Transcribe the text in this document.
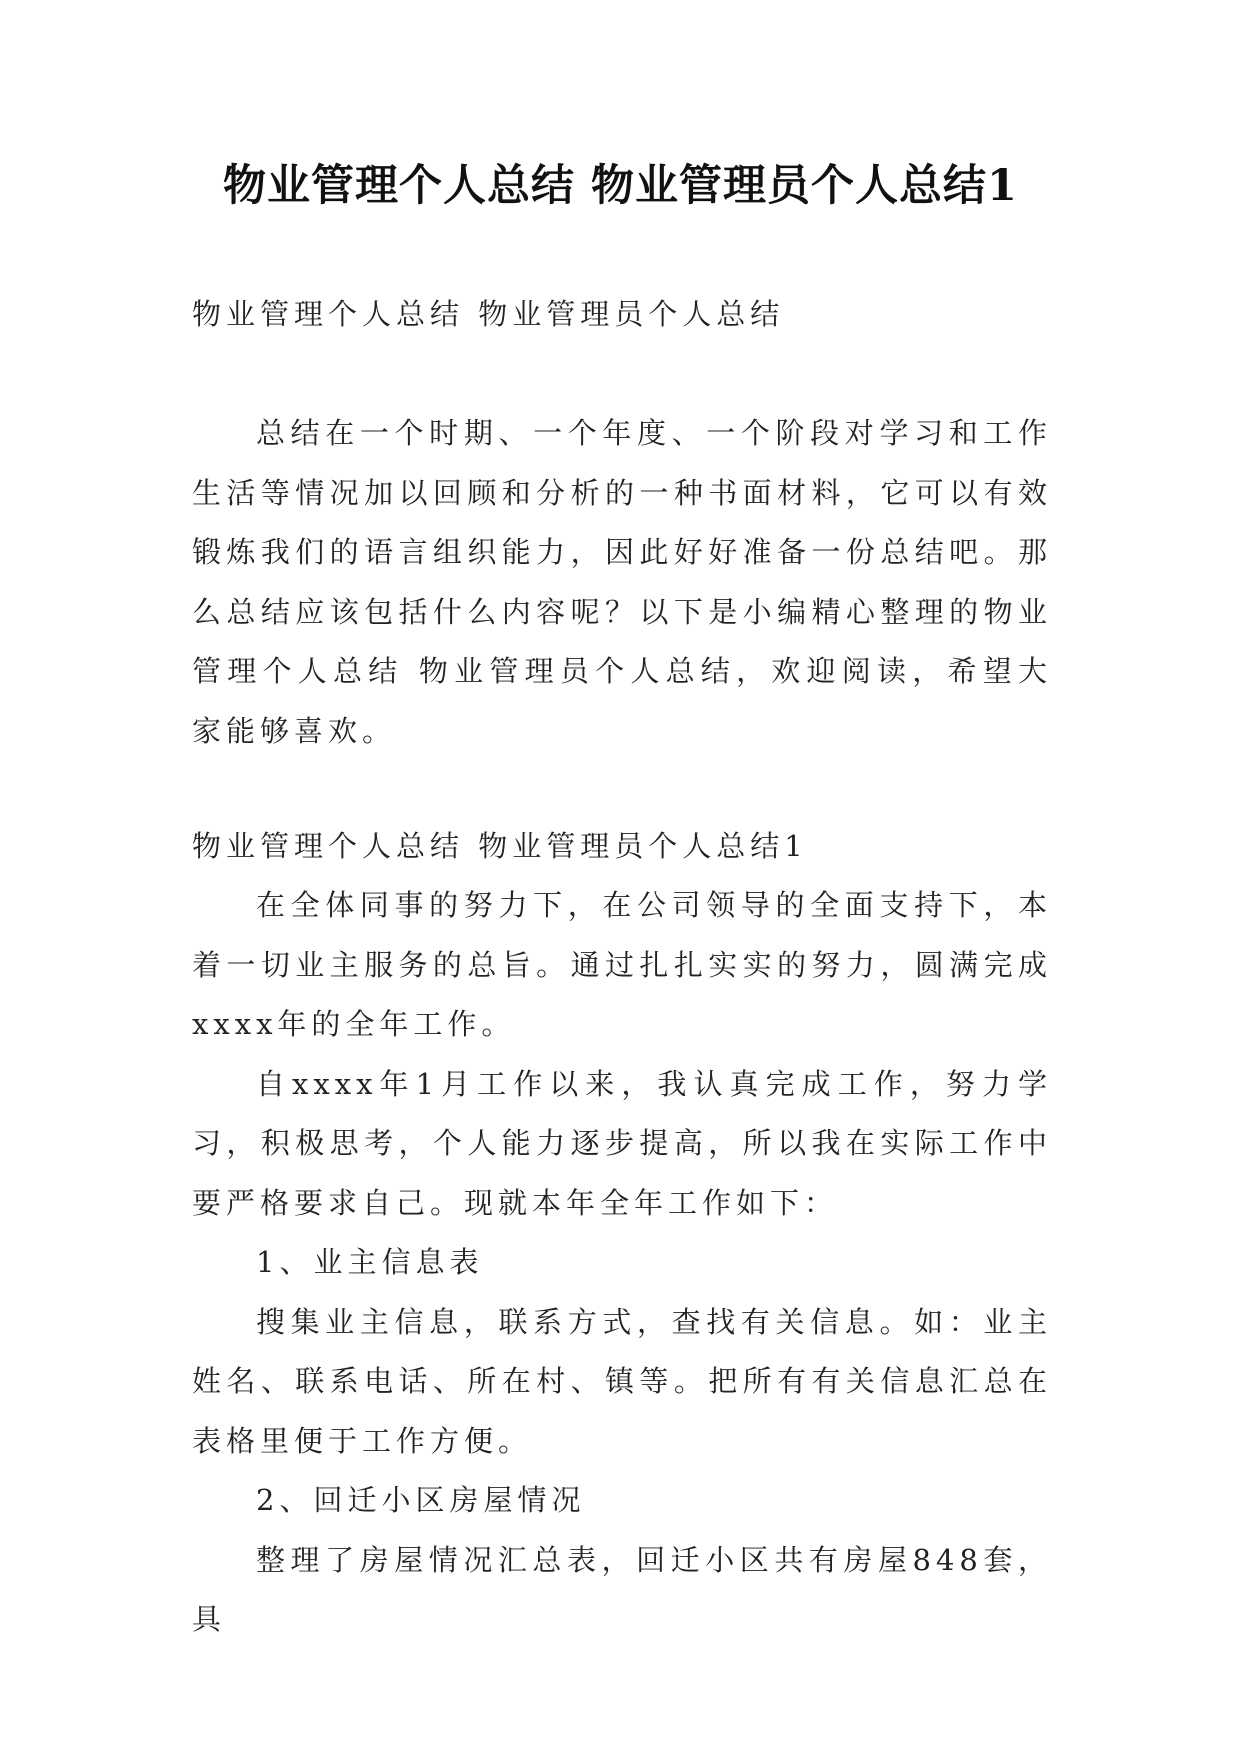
物业管理个人总结 物业管理员个人总结1

物业管理个人总结 物业管理员个人总结

总结在一个时期、一个年度、一个阶段对学习和工作生活等情况加以回顾和分析的一种书面材料，它可以有效锻炼我们的语言组织能力，因此好好准备一份总结吧。那么总结应该包括什么内容呢？以下是小编精心整理的物业管理个人总结 物业管理员个人总结，欢迎阅读，希望大家能够喜欢。

物业管理个人总结 物业管理员个人总结1

在全体同事的努力下，在公司领导的全面支持下，本着一切业主服务的总旨。通过扎扎实实的努力，圆满完成xxxx年的全年工作。

自xxxx年1月工作以来，我认真完成工作，努力学习，积极思考，个人能力逐步提高，所以我在实际工作中要严格要求自己。现就本年全年工作如下：

1、业主信息表

搜集业主信息，联系方式，查找有关信息。如：业主姓名、联系电话、所在村、镇等。把所有有关信息汇总在表格里便于工作方便。

2、回迁小区房屋情况

整理了房屋情况汇总表，回迁小区共有房屋848套，具
